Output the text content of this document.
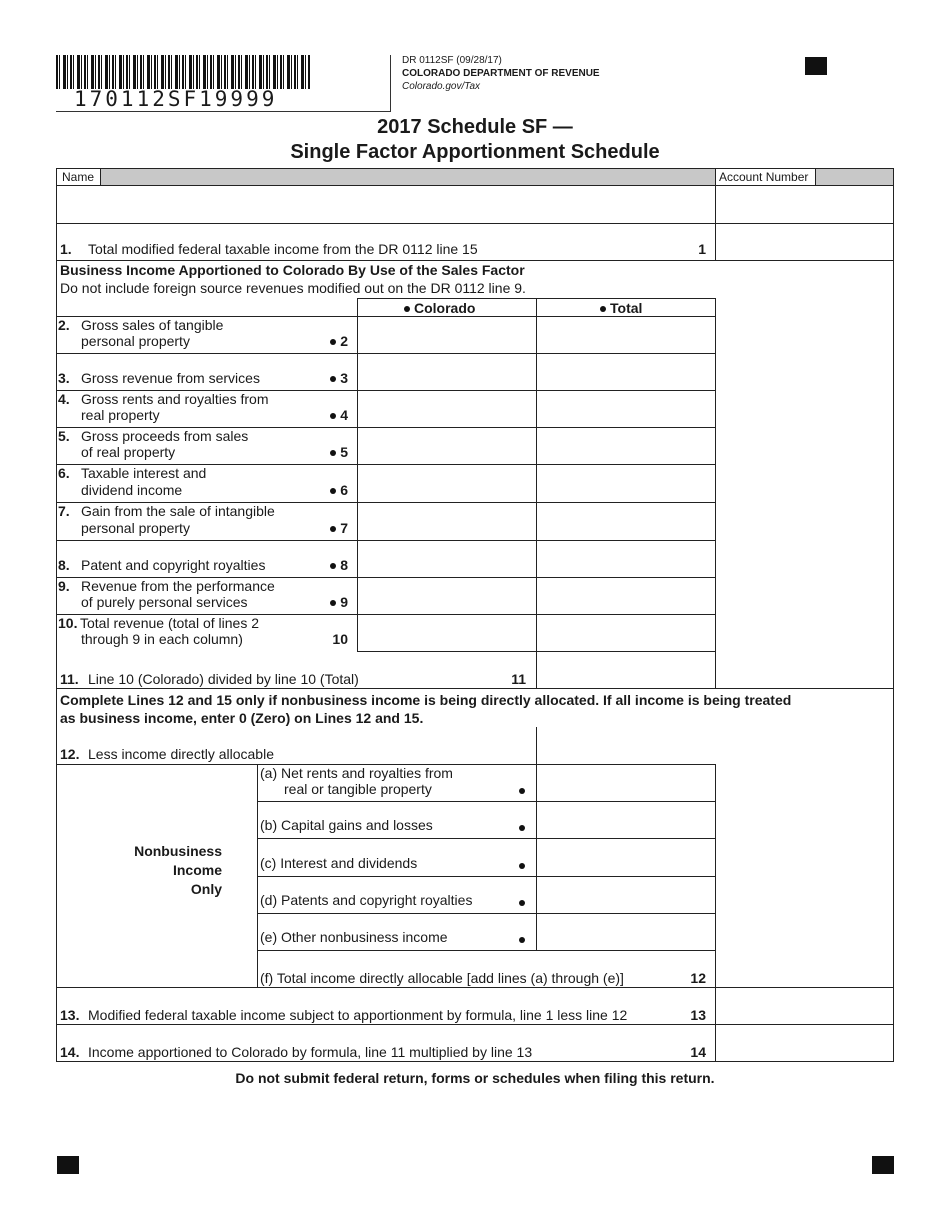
170112SF19999
DR 0112SF (09/28/17)
COLORADO DEPARTMENT OF REVENUE
Colorado.gov/Tax
2017 Schedule SF —
Single Factor Apportionment Schedule
Name	Account Number
1. Total modified federal taxable income from the DR 0112 line 15	1
Business Income Apportioned to Colorado By Use of the Sales Factor
Do not include foreign source revenues modified out on the DR 0112 line 9.
Colorado	Total
2. Gross sales of tangible
personal property	2
3. Gross revenue from services	3
4. Gross rents and royalties from
real property	4
5. Gross proceeds from sales
of real property	5
6. Taxable interest and
dividend income	6
7. Gain from the sale of intangible
personal property	7
8. Patent and copyright royalties	8
9. Revenue from the performance
of purely personal services	9
10. Total revenue (total of lines 2
through 9 in each column)	10
11. Line 10 (Colorado) divided by line 10 (Total)	11
Complete Lines 12 and 15 only if nonbusiness income is being directly allocated. If all income is being treated
as business income, enter 0 (Zero) on Lines 12 and 15.
12. Less income directly allocable
Nonbusiness
Income
Only
(a) Net rents and royalties from
real or tangible property
(b) Capital gains and losses
(c) Interest and dividends
(d) Patents and copyright royalties
(e) Other nonbusiness income
(f) Total income directly allocable [add lines (a) through (e)]	12
13. Modified federal taxable income subject to apportionment by formula, line 1 less line 12	13
14. Income apportioned to Colorado by formula, line 11 multiplied by line 13	14
Do not submit federal return, forms or schedules when filing this return.
